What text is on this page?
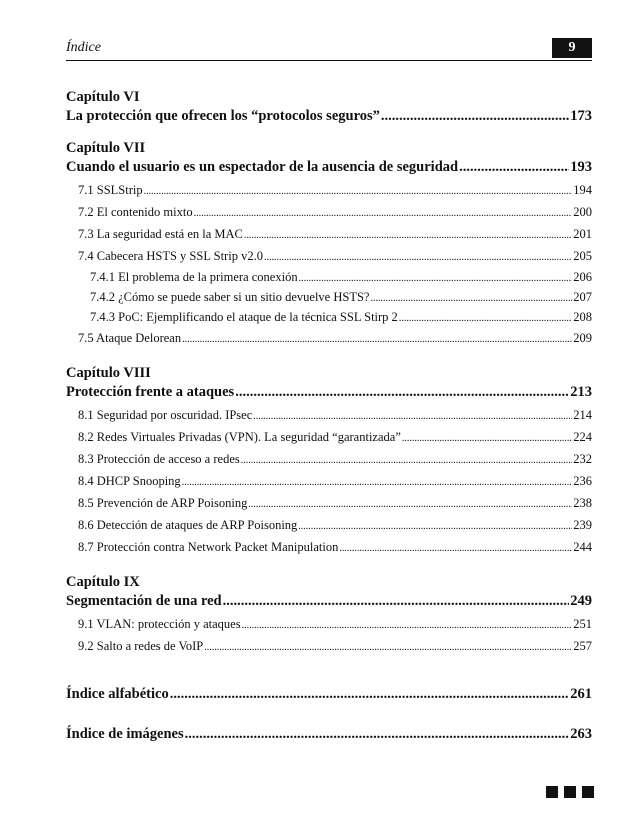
Índice	9
Capítulo VI
La protección que ofrecen los “protocolos seguros” .....	173
Capítulo VII
Cuando el usuario es un espectador de la ausencia de seguridad .....	193
7.1 SSLStrip .....	194
7.2 El contenido mixto .....	200
7.3 La seguridad está en la MAC .....	201
7.4 Cabecera HSTS y SSL Strip v2.0 .....	205
7.4.1 El problema de la primera conexión .....	206
7.4.2 ¿Cómo se puede saber si un sitio devuelve HSTS? .....	207
7.4.3 PoC: Ejemplificando el ataque de la técnica SSL Stirp 2 .....	208
7.5 Ataque Delorean .....	209
Capítulo VIII
Protección frente a ataques .....	213
8.1 Seguridad por oscuridad. IPsec .....	214
8.2 Redes Virtuales Privadas (VPN). La seguridad “garantizada” .....	224
8.3 Protección de acceso a redes .....	232
8.4 DHCP Snooping .....	236
8.5 Prevención de ARP Poisoning .....	238
8.6 Detección de ataques de ARP Poisoning .....	239
8.7 Protección contra Network Packet Manipulation .....	244
Capítulo IX
Segmentación de una red .....	249
9.1 VLAN: protección y ataques .....	251
9.2 Salto a redes de VoIP .....	257
Índice alfabético .....	261
Índice de imágenes .....	263
